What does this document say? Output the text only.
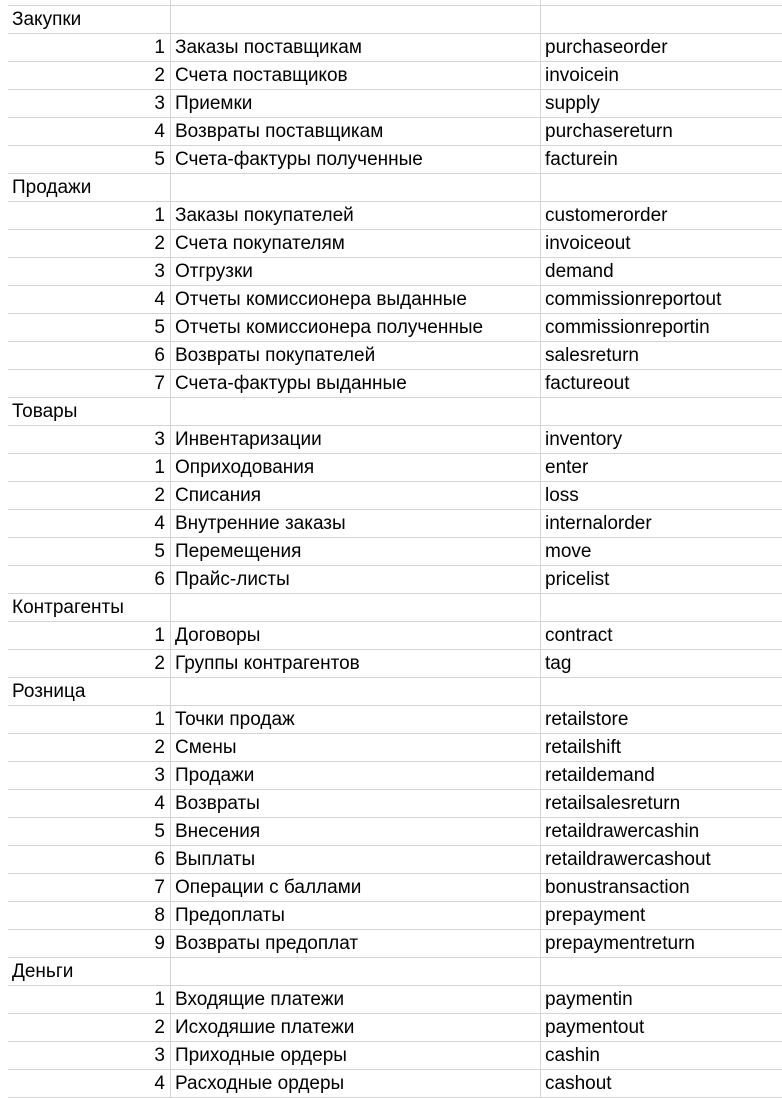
Закупки
1 Заказы поставщикам	purchaseorder
2 Счета поставщиков	invoicein
3 Приемки	supply
4 Возвраты поставщикам	purchasereturn
5 Счета-фактуры полученные	facturein
Продажи
1 Заказы покупателей	customerorder
2 Счета покупателям	invoiceout
3 Отгрузки	demand
4 Отчеты комиссионера выданные	commissionreportout
5 Отчеты комиссионера полученные	commissionreportin
6 Возвраты покупателей	salesreturn
7 Счета-фактуры выданные	factureout
Товары
3 Инвентаризации	inventory
1 Оприходования	enter
2 Списания	loss
4 Внутренние заказы	internalorder
5 Перемещения	move
6 Прайс-листы	pricelist
Контрагенты
1 Договоры	contract
2 Группы контрагентов	tag
Розница
1 Точки продаж	retailstore
2 Смены	retailshift
3 Продажи	retaildemand
4 Возвраты	retailsalesreturn
5 Внесения	retaildrawercashin
6 Выплаты	retaildrawercashout
7 Операции с баллами	bonustransaction
8 Предоплаты	prepayment
9 Возвраты предоплат	prepaymentreturn
Деньги
1 Входящие платежи	paymentin
2 Исходяшие платежи	paymentout
3 Приходные ордеры	cashin
4 Расходные ордеры	cashout
